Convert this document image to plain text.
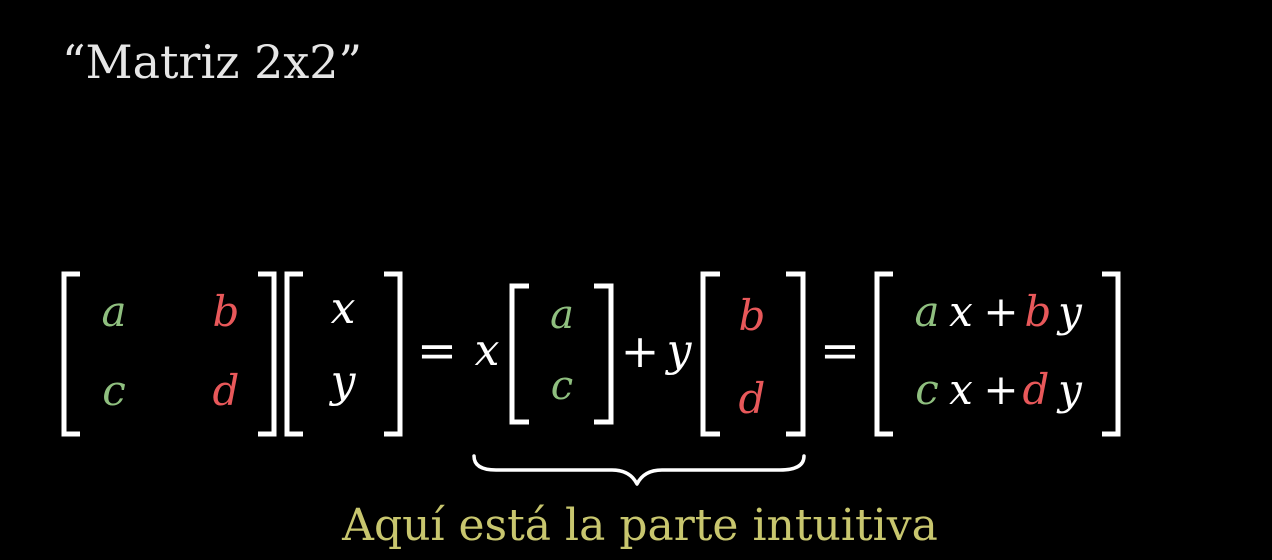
“Matriz 2x2”
a b
c d
x
y
= x
a
c
+ y
b
d
=
a x + b y
c x + d y
Aquí está la parte intuitiva
